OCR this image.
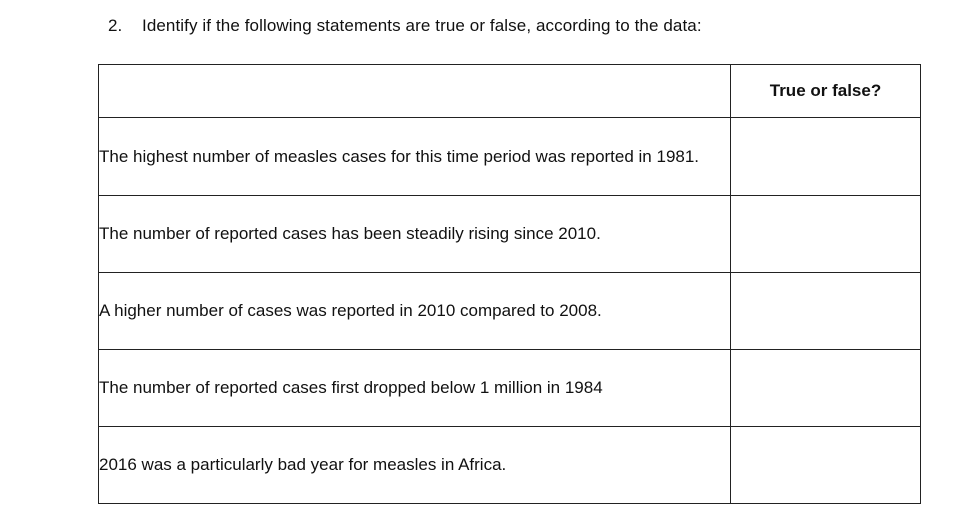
2. Identify if the following statements are true or false, according to the data:
	True or false?
The highest number of measles cases for this time period was reported in 1981.	
The number of reported cases has been steadily rising since 2010.	
A higher number of cases was reported in 2010 compared to 2008.	
The number of reported cases first dropped below 1 million in 1984	
2016 was a particularly bad year for measles in Africa.	
